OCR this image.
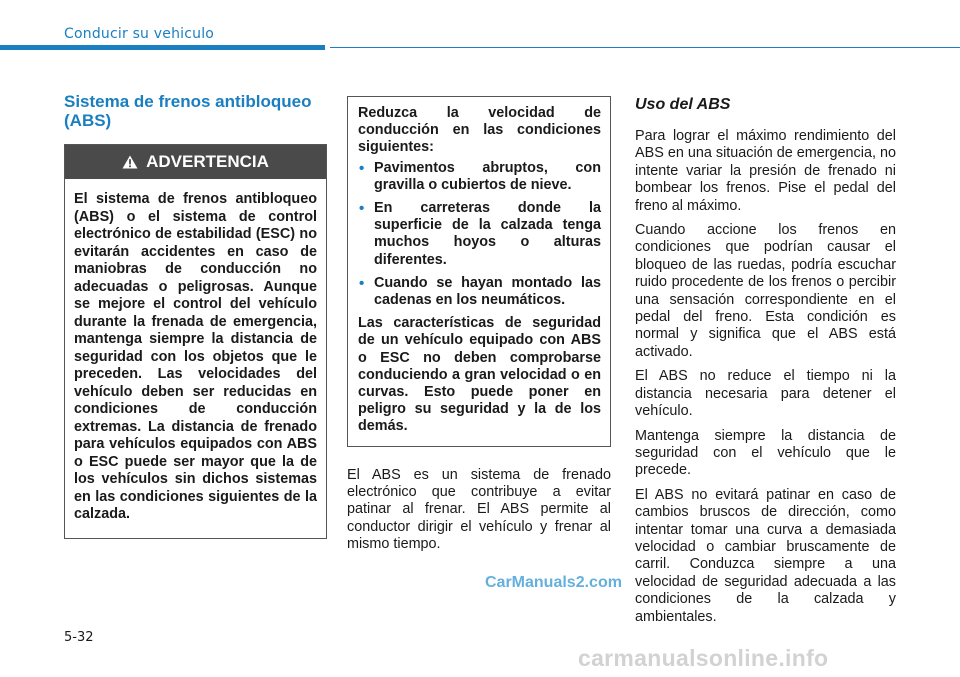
Conducir su vehiculo
Sistema de frenos antibloqueo (ABS)
ADVERTENCIA
El sistema de frenos antibloqueo (ABS) o el sistema de control electrónico de estabilidad (ESC) no evitarán accidentes en caso de maniobras de conducción no adecuadas o peligrosas. Aunque se mejore el control del vehículo durante la frenada de emergencia, mantenga siempre la distancia de seguridad con los objetos que le preceden. Las velocidades del vehículo deben ser reducidas en condiciones de conducción extremas. La distancia de frenado para vehículos equipados con ABS o ESC puede ser mayor que la de los vehículos sin dichos sistemas en las condiciones siguientes de la calzada.

Reduzca la velocidad de conducción en las condiciones siguientes:

• Pavimentos abruptos, con gravilla o cubiertos de nieve.
• En carreteras donde la superficie de la calzada tenga muchos hoyos o alturas diferentes.
• Cuando se hayan montado las cadenas en los neumáticos.

Las características de seguridad de un vehículo equipado con ABS o ESC no deben comprobarse conduciendo a gran velocidad o en curvas. Esto puede poner en peligro su seguridad y la de los demás.

El ABS es un sistema de frenado electrónico que contribuye a evitar patinar al frenar. El ABS permite al conductor dirigir el vehículo y frenar al mismo tiempo.

Uso del ABS

Para lograr el máximo rendimiento del ABS en una situación de emergencia, no intente variar la presión de frenado ni bombear los frenos. Pise el pedal del freno al máximo.

Cuando accione los frenos en condiciones que podrían causar el bloqueo de las ruedas, podría escuchar ruido procedente de los frenos o percibir una sensación correspondiente en el pedal del freno. Esta condición es normal y significa que el ABS está activado.

El ABS no reduce el tiempo ni la distancia necesaria para detener el vehículo.

Mantenga siempre la distancia de seguridad con el vehículo que le precede.

El ABS no evitará patinar en caso de cambios bruscos de dirección, como intentar tomar una curva a demasiada velocidad o cambiar bruscamente de carril. Conduzca siempre a una velocidad de seguridad adecuada a las condiciones de la calzada y ambientales.

5-32
CarManuals2.com
carmanualsonline.info
